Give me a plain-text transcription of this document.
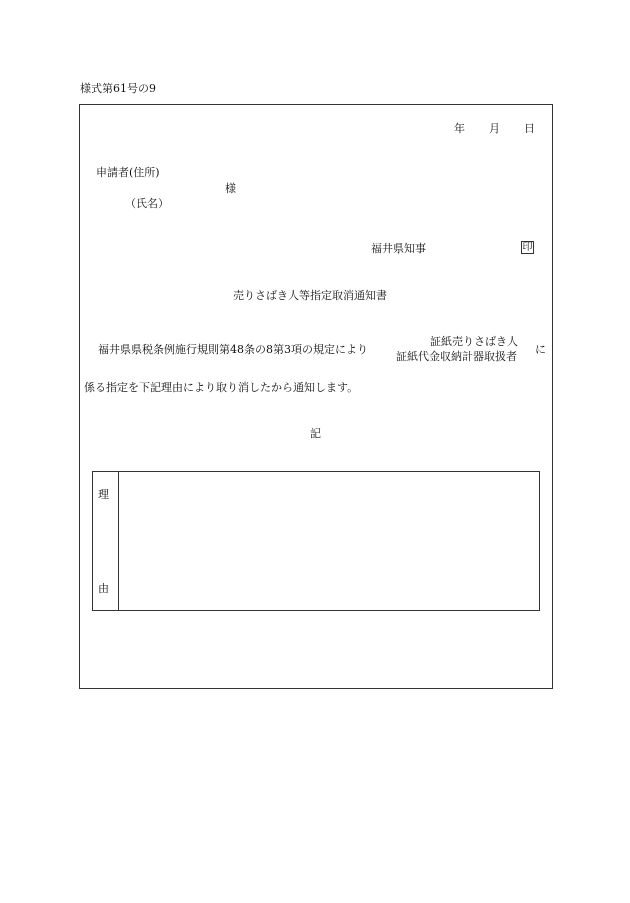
様式第61号の9
年 月 日
申請者(住所)
様
（氏名）
福井県知事	印
売りさばき人等指定取消通知書
福井県県税条例施行規則第48条の8第3項の規定により
証紙売りさばき人
証紙代金収納計器取扱者
に
係る指定を下記理由により取り消したから通知します。
記
理
由
